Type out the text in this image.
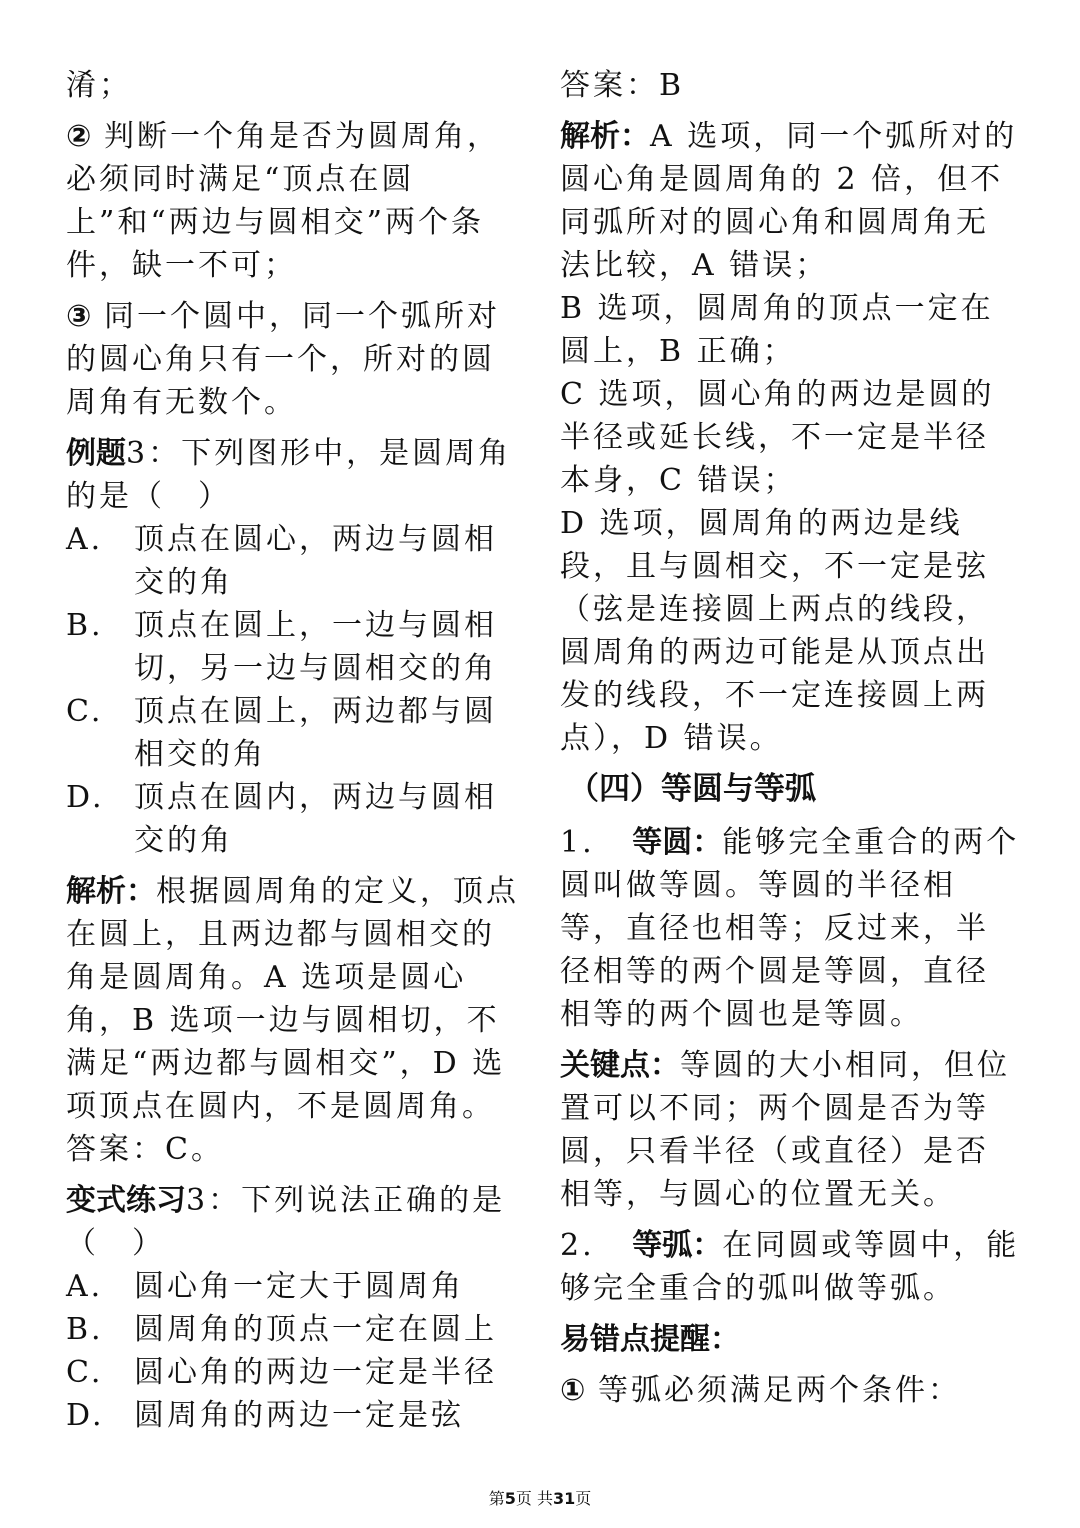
淆；

② 判断一个角是否为圆周角，必须同时满足“顶点在圆上”和“两边与圆相交”两个条件，缺一不可；

③ 同一个圆中，同一个弧所对的圆心角只有一个，所对的圆周角有无数个。

例题3：下列图形中，是圆周角的是（　）

A.	顶点在圆心，两边与圆相交的角
B.	顶点在圆上，一边与圆相切，另一边与圆相交的角
C.	顶点在圆上，两边都与圆相交的角
D. 顶点在圆内，两边与圆相交的角

解析：根据圆周角的定义，顶点在圆上，且两边都与圆相交的角是圆周角。A 选项是圆心角，B 选项一边与圆相切，不满足“两边都与圆相交”，D 选项顶点在圆内，不是圆周角。答案：C。

变式练习3：下列说法正确的是（　）

A.	圆心角一定大于圆周角
B.	圆周角的顶点一定在圆上
C.	圆心角的两边一定是半径
D. 圆周角的两边一定是弦

答案：B

解析：A 选项，同一个弧所对的圆心角是圆周角的 2 倍，但不同弧所对的圆心角和圆周角无法比较，A 错误；

B 选项，圆周角的顶点一定在圆上，B 正确；

C 选项，圆心角的两边是圆的半径或延长线，不一定是半径本身，C 错误；

D 选项，圆周角的两边是线段，且与圆相交，不一定是弦（弦是连接圆上两点的线段，圆周角的两边可能是从顶点出发的线段，不一定连接圆上两点），D 错误。

（四）等圆与等弧

1. 等圆：能够完全重合的两个圆叫做等圆。等圆的半径相等，直径也相等；反过来，半径相等的两个圆是等圆，直径相等的两个圆也是等圆。

关键点：等圆的大小相同，但位置可以不同；两个圆是否为等圆，只看半径（或直径）是否相等，与圆心的位置无关。

2. 等弧：在同圆或等圆中，能够完全重合的弧叫做等弧。

易错点提醒：

① 等弧必须满足两个条件：

第5页 共31页
